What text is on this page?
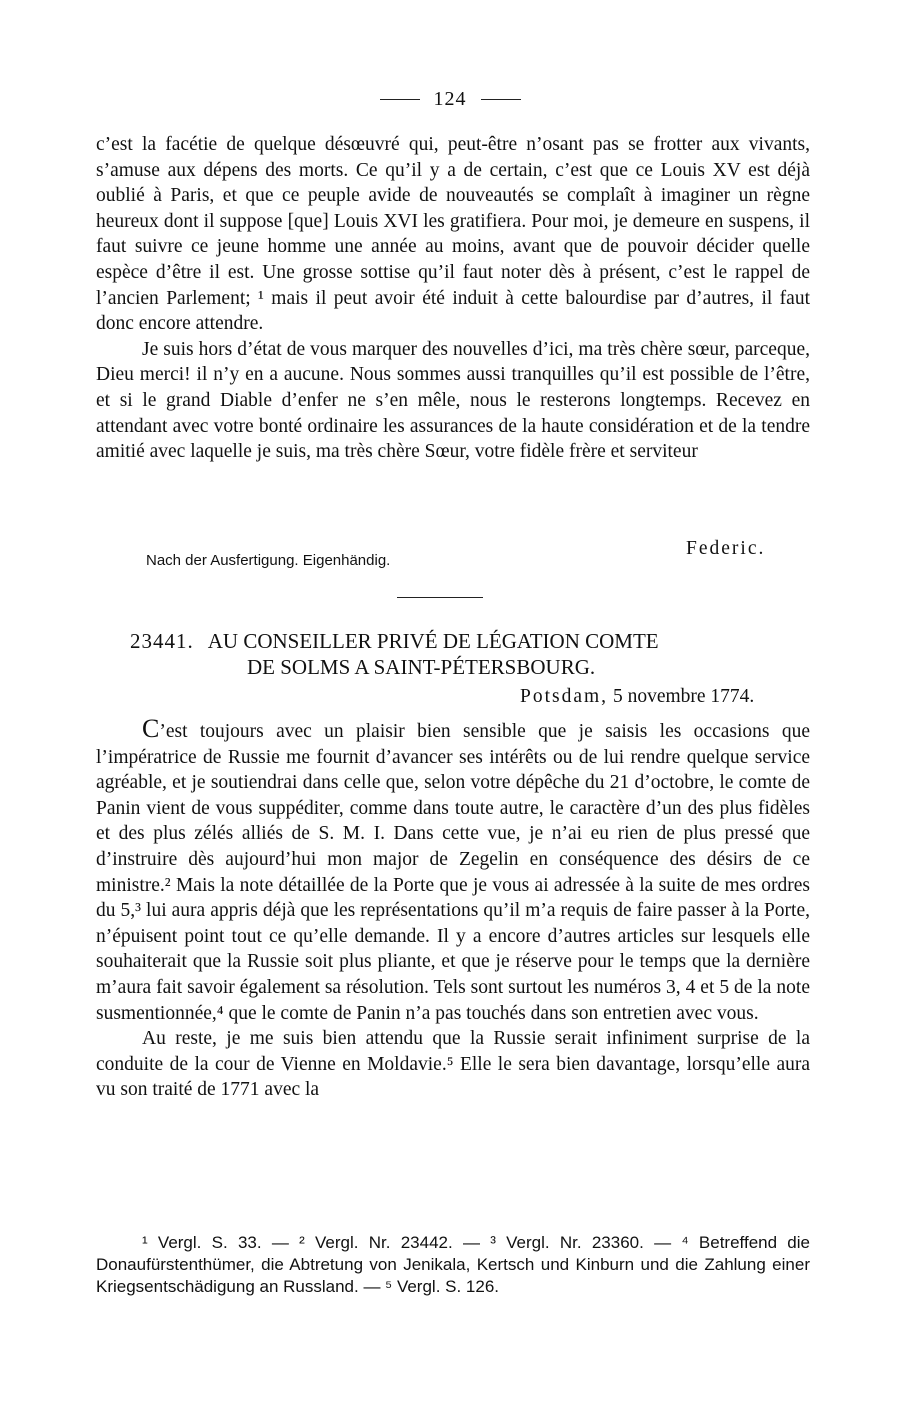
124

c’est la facétie de quelque désœuvré qui, peut-être n’osant pas se frotter aux vivants, s’amuse aux dépens des morts. Ce qu’il y a de certain, c’est que ce Louis XV est déjà oublié à Paris, et que ce peuple avide de nouveautés se complaît à imaginer un règne heureux dont il suppose [que] Louis XVI les gratifiera. Pour moi, je demeure en suspens, il faut suivre ce jeune homme une année au moins, avant que de pouvoir décider quelle espèce d’être il est. Une grosse sottise qu’il faut noter dès à présent, c’est le rappel de l’ancien Parlement; ¹ mais il peut avoir été induit à cette balourdise par d’autres, il faut donc encore attendre.

Je suis hors d’état de vous marquer des nouvelles d’ici, ma très chère sœur, parceque, Dieu merci! il n’y en a aucune. Nous sommes aussi tranquilles qu’il est possible de l’être, et si le grand Diable d’enfer ne s’en mêle, nous le resterons longtemps. Recevez en attendant avec votre bonté ordinaire les assurances de la haute considération et de la tendre amitié avec laquelle je suis, ma très chère Sœur, votre fidèle frère et serviteur

Federic.
Nach der Ausfertigung. Eigenhändig.
23441. AU CONSEILLER PRIVÉ DE LÉGATION COMTE
DE SOLMS A SAINT-PÉTERSBOURG.
Potsdam, 5 novembre 1774.

C’est toujours avec un plaisir bien sensible que je saisis les occasions que l’impératrice de Russie me fournit d’avancer ses intérêts ou de lui rendre quelque service agréable, et je soutiendrai dans celle que, selon votre dépêche du 21 d’octobre, le comte de Panin vient de vous suppéditer, comme dans toute autre, le caractère d’un des plus fidèles et des plus zélés alliés de S. M. I. Dans cette vue, je n’ai eu rien de plus pressé que d’instruire dès aujourd’hui mon major de Zegelin en conséquence des désirs de ce ministre.² Mais la note détaillée de la Porte que je vous ai adressée à la suite de mes ordres du 5,³ lui aura appris déjà que les représentations qu’il m’a requis de faire passer à la Porte, n’épuisent point tout ce qu’elle demande. Il y a encore d’autres articles sur lesquels elle souhaiterait que la Russie soit plus pliante, et que je réserve pour le temps que la dernière m’aura fait savoir également sa résolution. Tels sont surtout les numéros 3, 4 et 5 de la note susmentionnée,⁴ que le comte de Panin n’a pas touchés dans son entretien avec vous.

Au reste, je me suis bien attendu que la Russie serait infiniment surprise de la conduite de la cour de Vienne en Moldavie.⁵ Elle le sera bien davantage, lorsqu’elle aura vu son traité de 1771 avec la

¹ Vergl. S. 33. — ² Vergl. Nr. 23442. — ³ Vergl. Nr. 23360. — ⁴ Betreffend die Donaufürstenthümer, die Abtretung von Jenikala, Kertsch und Kinburn und die Zahlung einer Kriegsentschädigung an Russland. — ⁵ Vergl. S. 126.
